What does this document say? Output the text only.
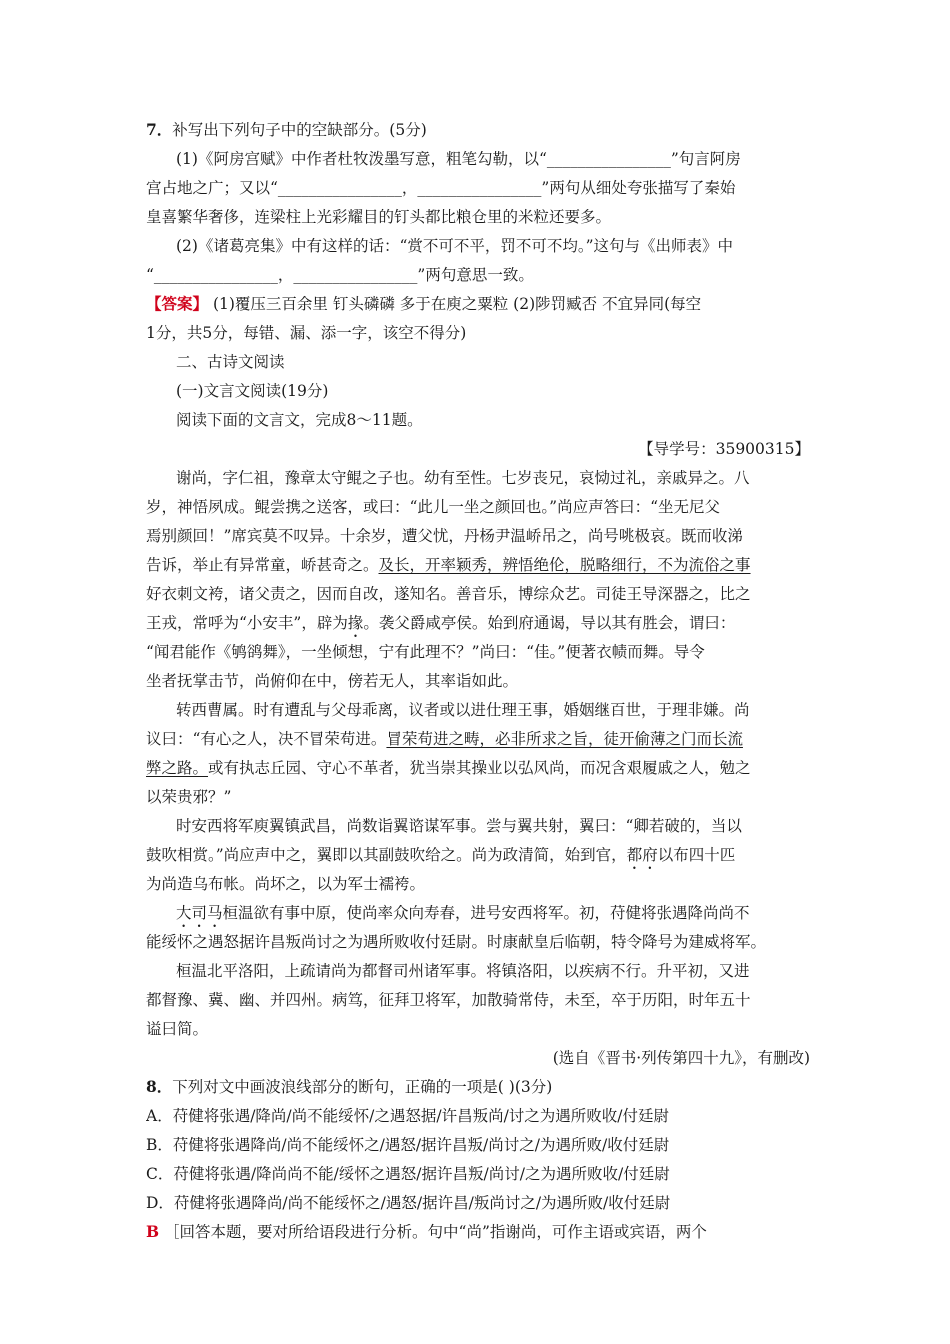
7．补写出下列句子中的空缺部分。(5分)
(1)《阿房宫赋》中作者杜牧泼墨写意，粗笔勾勒，以“________________”句言阿房
宫占地之广；又以“________________，________________”两句从细处夸张描写了秦始
皇喜繁华奢侈，连梁柱上光彩耀目的钉头都比粮仓里的米粒还要多。
(2)《诸葛亮集》中有这样的话：“赏不可不平，罚不可不均。”这句与《出师表》中
“________________，________________”两句意思一致。
【答案】 (1)覆压三百余里 钉头磷磷 多于在庾之粟粒 (2)陟罚臧否 不宜异同(每空
1分，共5分，每错、漏、添一字，该空不得分)
二、古诗文阅读
(一)文言文阅读(19分)
阅读下面的文言文，完成8～11题。
【导学号：35900315】
谢尚，字仁祖，豫章太守鲲之子也。幼有至性。七岁丧兄，哀恸过礼，亲戚异之。八
岁，神悟夙成。鲲尝携之送客，或曰：“此儿一坐之颜回也。”尚应声答曰：“坐无尼父
焉别颜回！”席宾莫不叹异。十余岁，遭父忧，丹杨尹温峤吊之，尚号咷极哀。既而收涕
告诉，举止有异常童，峤甚奇之。及长，开率颖秀，辨悟绝伦，脱略细行，不为流俗之事
好衣刺文袴，诸父责之，因而自改，遂知名。善音乐，博综众艺。司徒王导深器之，比之
王戎，常呼为“小安丰”，辟为掾。袭父爵咸亭侯。始到府通谒，导以其有胜会，谓曰：
“闻君能作《鸲鹆舞》，一坐倾想，宁有此理不？”尚曰：“佳。”便著衣帻而舞。导令
坐者抚掌击节，尚俯仰在中，傍若无人，其率诣如此。
转西曹属。时有遭乱与父母乖离，议者或以进仕理王事，婚姻继百世，于理非嫌。尚
议曰：“有心之人，决不冒荣苟进。冒荣苟进之畴，必非所求之旨，徒开偷薄之门而长流
弊之路。或有执志丘园、守心不革者，犹当崇其操业以弘风尚，而况含艰履戚之人，勉之
以荣贵邪？”
时安西将军庾翼镇武昌，尚数诣翼谘谋军事。尝与翼共射，翼曰：“卿若破的，当以
鼓吹相赏。”尚应声中之，翼即以其副鼓吹给之。尚为政清简，始到官，都府以布四十匹
为尚造乌布帐。尚坏之，以为军士襦袴。
大司马桓温欲有事中原，使尚率众向寿春，进号安西将军。初，苻健将张遇降尚尚不
能绥怀之遇怒据许昌叛尚讨之为遇所败收付廷尉。时康献皇后临朝，特令降号为建威将军。
桓温北平洛阳，上疏请尚为都督司州诸军事。将镇洛阳，以疾病不行。升平初，又进
都督豫、冀、幽、并四州。病笃，征拜卫将军，加散骑常侍，未至，卒于历阳，时年五十
谥曰简。
(选自《晋书·列传第四十九》，有删改)
8．下列对文中画波浪线部分的断句，正确的一项是( )(3分)
A．苻健将张遇/降尚/尚不能绥怀/之遇怒据/许昌叛尚/讨之为遇所败收/付廷尉
B．苻健将张遇降尚/尚不能绥怀之/遇怒/据许昌叛/尚讨之/为遇所败/收付廷尉
C．苻健将张遇/降尚尚不能/绥怀之遇怒/据许昌叛/尚讨/之为遇所败收/付廷尉
D．苻健将张遇降尚/尚不能绥怀之/遇怒/据许昌/叛尚讨之/为遇所败/收付廷尉
B ［回答本题，要对所给语段进行分析。句中“尚”指谢尚，可作主语或宾语，两个
